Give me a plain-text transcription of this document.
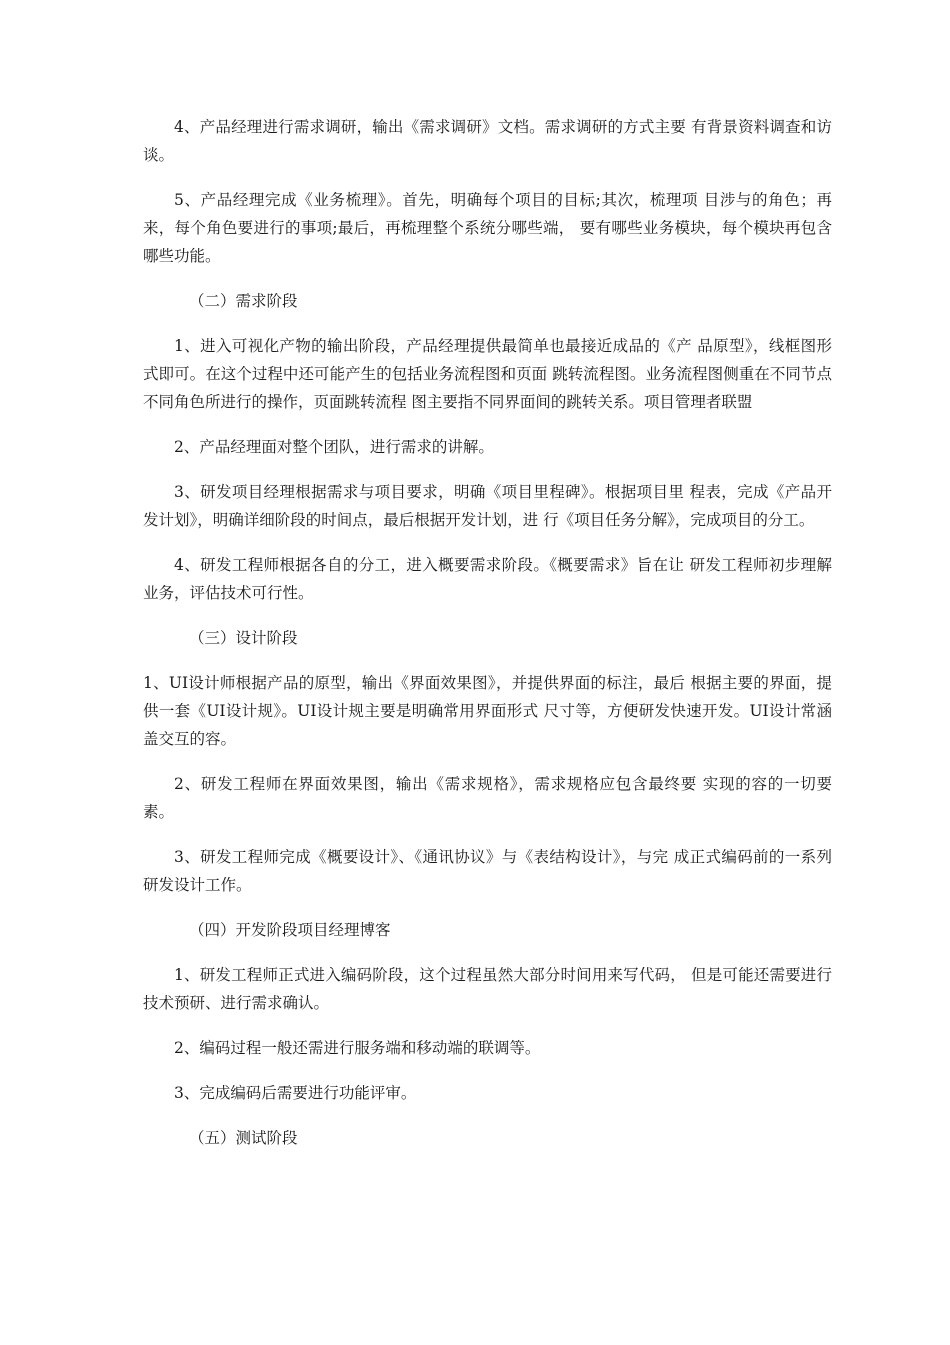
4、产品经理进行需求调研，输出《需求调研》文档。需求调研的方式主要 有背景资料调查和访谈。

5、产品经理完成《业务梳理》。首先，明确每个项目的目标;其次，梳理项 目涉与的角色；再来，每个角色要进行的事项;最后，再梳理整个系统分哪些端， 要有哪些业务模块，每个模块再包含哪些功能。

（二）需求阶段

1、进入可视化产物的输出阶段，产品经理提供最简单也最接近成品的《产 品原型》，线框图形式即可。在这个过程中还可能产生的包括业务流程图和页面 跳转流程图。业务流程图侧重在不同节点不同角色所进行的操作，页面跳转流程 图主要指不同界面间的跳转关系。项目管理者联盟

2、产品经理面对整个团队，进行需求的讲解。

3、研发项目经理根据需求与项目要求，明确《项目里程碑》。根据项目里 程表，完成《产品开发计划》，明确详细阶段的时间点，最后根据开发计划，进 行《项目任务分解》，完成项目的分工。

4、研发工程师根据各自的分工，进入概要需求阶段。《概要需求》旨在让 研发工程师初步理解业务，评估技术可行性。

（三）设计阶段

1、UI设计师根据产品的原型，输出《界面效果图》，并提供界面的标注，最后 根据主要的界面，提供一套《UI设计规》。UI设计规主要是明确常用界面形式 尺寸等，方便研发快速开发。UI设计常涵盖交互的容。

2、研发工程师在界面效果图，输出《需求规格》，需求规格应包含最终要 实现的容的一切要素。

3、研发工程师完成《概要设计》、《通讯协议》与《表结构设计》，与完 成正式编码前的一系列研发设计工作。

（四）开发阶段项目经理博客

1、研发工程师正式进入编码阶段，这个过程虽然大部分时间用来写代码， 但是可能还需要进行技术预研、进行需求确认。

2、编码过程一般还需进行服务端和移动端的联调等。

3、完成编码后需要进行功能评审。

（五）测试阶段
